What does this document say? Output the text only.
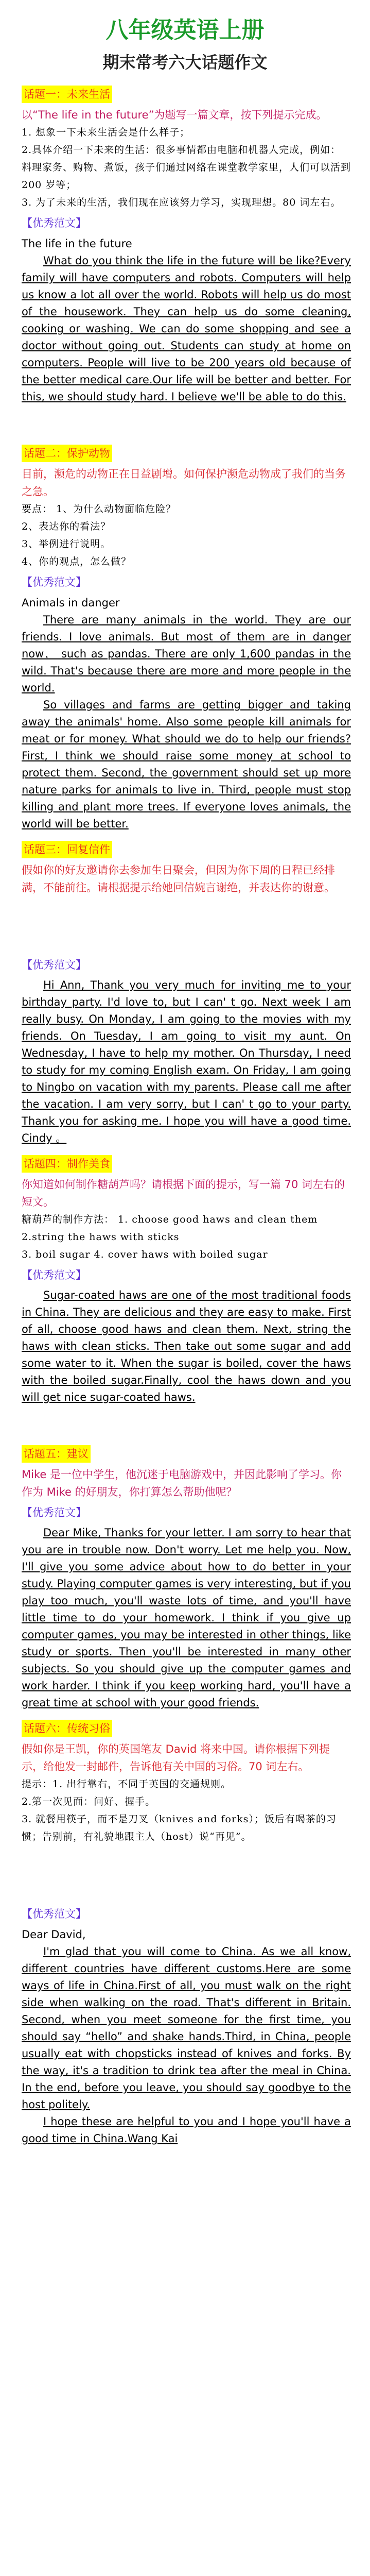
八年级英语上册
期末常考六大话题作文
话题一：未来生活
以“The life in the future”为题写一篇文章，按下列提示完成。
1. 想象一下未来生活会是什么样子；
2.具体介绍一下未来的生活：很多事情都由电脑和机器人完成，例如：料理家务、购物、煮饭，孩子们通过网络在课堂教学家里，人们可以活到 200 岁等；
3. 为了未来的生活，我们现在应该努力学习，实现理想。80 词左右。
【优秀范文】
The life in the future

What do you think the life in the future will be like?Every family will have computers and robots. Computers will help us know a lot all over the world. Robots will help us do most of the housework. They can help us do some cleaning, cooking or washing. We can do some shopping and see a doctor without going out. Students can study at home on computers. People will live to be 200 years old because of the better medical care.Our life will be better and better. For this, we should study hard. I believe we'll be able to do this.

话题二：保护动物
目前，濒危的动物正在日益剧增。如何保护濒危动物成了我们的当务之急。
要点： 1、为什么动物面临危险？
2、表达你的看法？
3、举例进行说明。
4、你的观点，怎么做？
【优秀范文】
Animals in danger

There are many animals in the world. They are our friends. I love animals. But most of them are in danger now， such as pandas. There are only 1,600 pandas in the wild. That's because there are more and more people in the world.

So villages and farms are getting bigger and taking away the animals' home. Also some people kill animals for meat or for money. What should we do to help our friends? First, I think we should raise some money at school to protect them. Second, the government should set up more nature parks for animals to live in. Third, people must stop killing and plant more trees. If everyone loves animals, the world will be better.

话题三：回复信件
假如你的好友邀请你去参加生日聚会，但因为你下周的日程已经排满，不能前往。请根据提示给她回信婉言谢绝，并表达你的谢意。
【优秀范文】

Hi Ann, Thank you very much for inviting me to your birthday party. I'd love to, but I can' t go. Next week I am really busy. On Monday, I am going to the movies with my friends. On Tuesday, I am going to visit my aunt. On Wednesday, I have to help my mother. On Thursday, I need to study for my coming English exam. On Friday, I am going to Ningbo on vacation with my parents. Please call me after the vacation. I am very sorry, but I can' t go to your party. Thank you for asking me. I hope you will have a good time. Cindy 。

话题四：制作美食
你知道如何制作糖葫芦吗？请根据下面的提示，写一篇 70 词左右的短文。
糖葫芦的制作方法： 1. choose good haws and clean them
2.string the haws with sticks
3. boil sugar 4. cover haws with boiled sugar
【优秀范文】

Sugar-coated haws are one of the most traditional foods in China. They are delicious and they are easy to make. First of all, choose good haws and clean them. Next, string the haws with clean sticks. Then take out some sugar and add some water to it. When the sugar is boiled, cover the haws with the boiled sugar.Finally, cool the haws down and you will get nice sugar-coated haws.

话题五：建议
Mike 是一位中学生，他沉迷于电脑游戏中，并因此影响了学习。你作为 Mike 的好朋友，你打算怎么帮助他呢？
【优秀范文】

Dear Mike, Thanks for your letter. I am sorry to hear that you are in trouble now. Don't worry. Let me help you. Now, I'll give you some advice about how to do better in your study. Playing computer games is very interesting, but if you play too much, you'll waste lots of time, and you'll have little time to do your homework. I think if you give up computer games, you may be interested in other things, like study or sports. Then you'll be interested in many other subjects. So you should give up the computer games and work harder. I think if you keep working hard, you'll have a great time at school with your good friends.

话题六：传统习俗
假如你是王凯，你的英国笔友 David 将来中国。请你根据下列提示，给他发一封邮件，告诉他有关中国的习俗。70 词左右。
提示：1. 出行靠右，不同于英国的交通规则。
2.第一次见面：问好、握手。
3. 就餐用筷子，而不是刀叉（knives and forks）；饭后有喝茶的习惯；告别前，有礼貌地跟主人（host）说“再见”。
【优秀范文】
Dear David,

I'm glad that you will come to China. As we all know, different countries have different customs.Here are some ways of life in China.First of all, you must walk on the right side when walking on the road. That's different in Britain. Second, when you meet someone for the first time, you should say “hello” and shake hands.Third, in China, people usually eat with chopsticks instead of knives and forks. By the way, it's a tradition to drink tea after the meal in China. In the end, before you leave, you should say goodbye to the host politely.

I hope these are helpful to you and I hope you'll have a good time in China.Wang Kai
